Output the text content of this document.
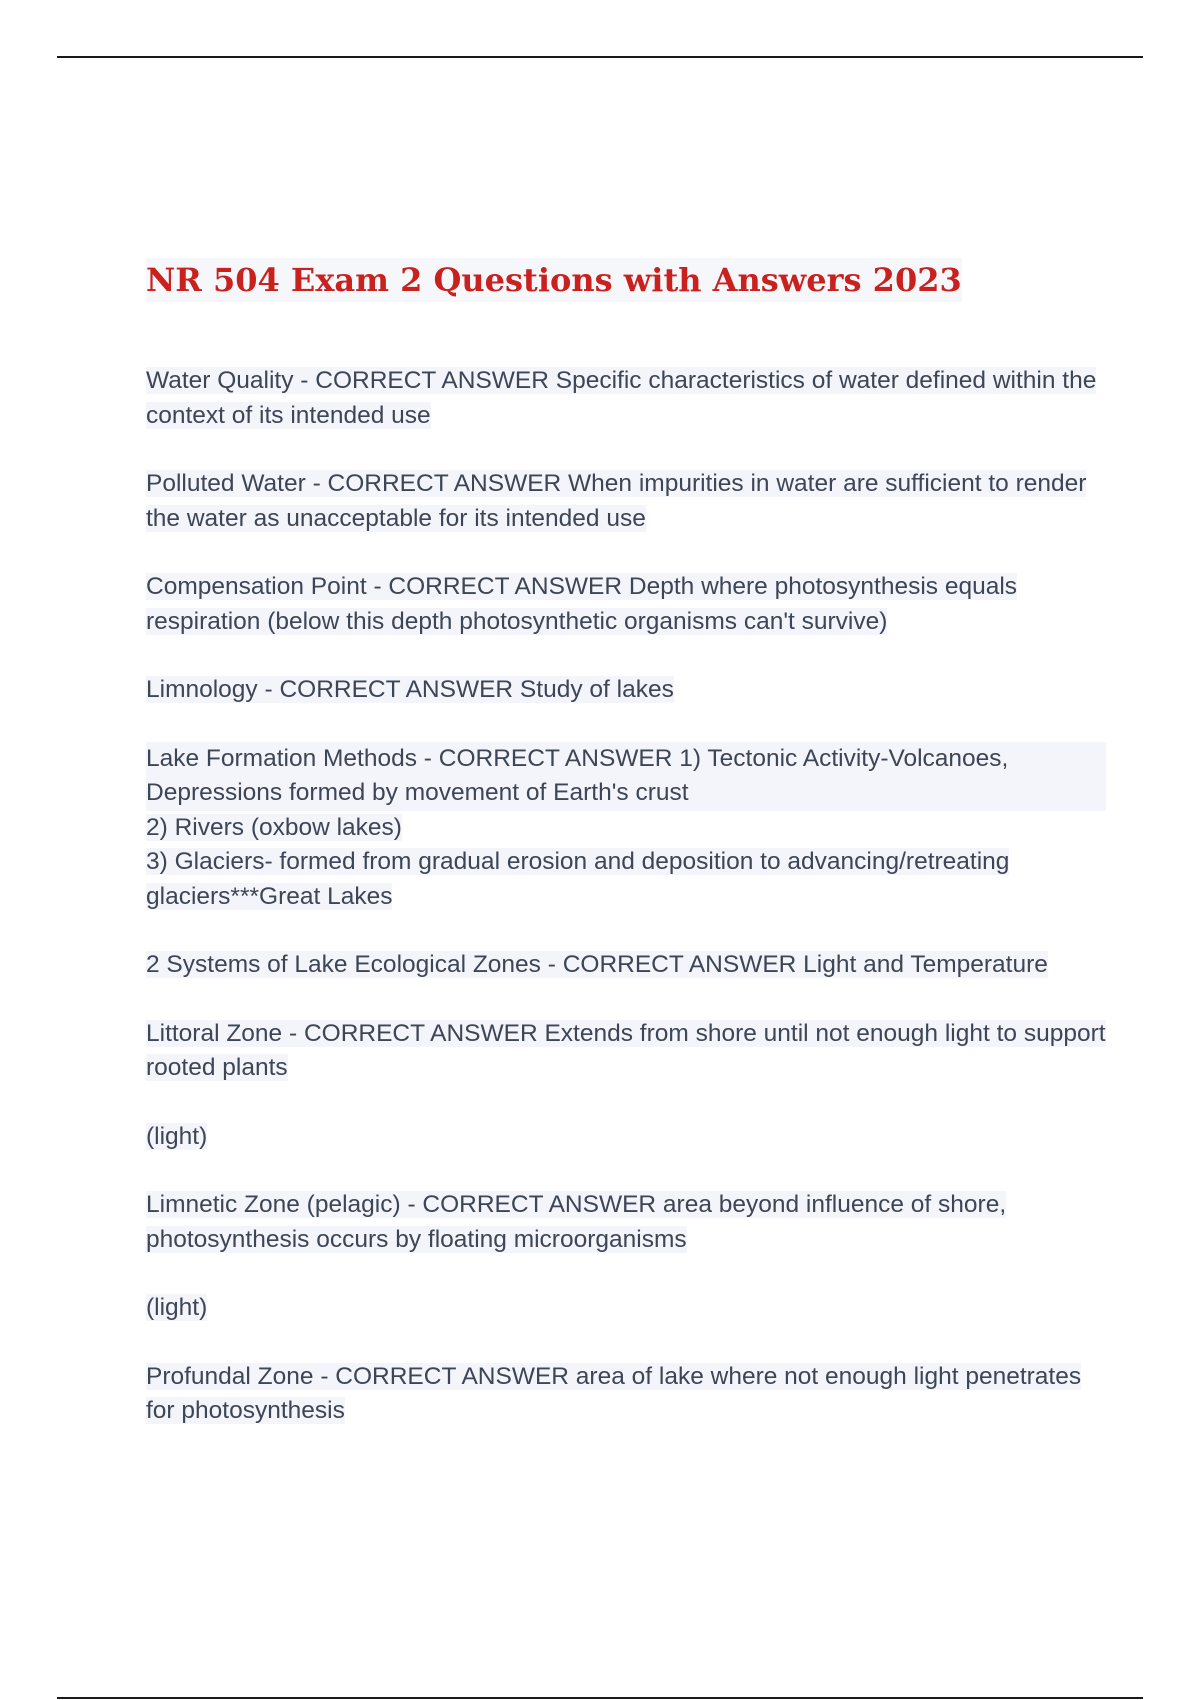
NR 504 Exam 2 Questions with Answers 2023

Water Quality - CORRECT ANSWER Specific characteristics of water defined within the context of its intended use

Polluted Water - CORRECT ANSWER When impurities in water are sufficient to render the water as unacceptable for its intended use

Compensation Point - CORRECT ANSWER Depth where photosynthesis equals respiration (below this depth photosynthetic organisms can't survive)

Limnology - CORRECT ANSWER Study of lakes

Lake Formation Methods - CORRECT ANSWER 1) Tectonic Activity-Volcanoes, Depressions formed by movement of Earth's crust
2) Rivers (oxbow lakes)
3) Glaciers- formed from gradual erosion and deposition to advancing/retreating glaciers***Great Lakes

2 Systems of Lake Ecological Zones - CORRECT ANSWER Light and Temperature

Littoral Zone - CORRECT ANSWER Extends from shore until not enough light to support rooted plants

(light)

Limnetic Zone (pelagic) - CORRECT ANSWER area beyond influence of shore, photosynthesis occurs by floating microorganisms

(light)

Profundal Zone - CORRECT ANSWER area of lake where not enough light penetrates for photosynthesis
